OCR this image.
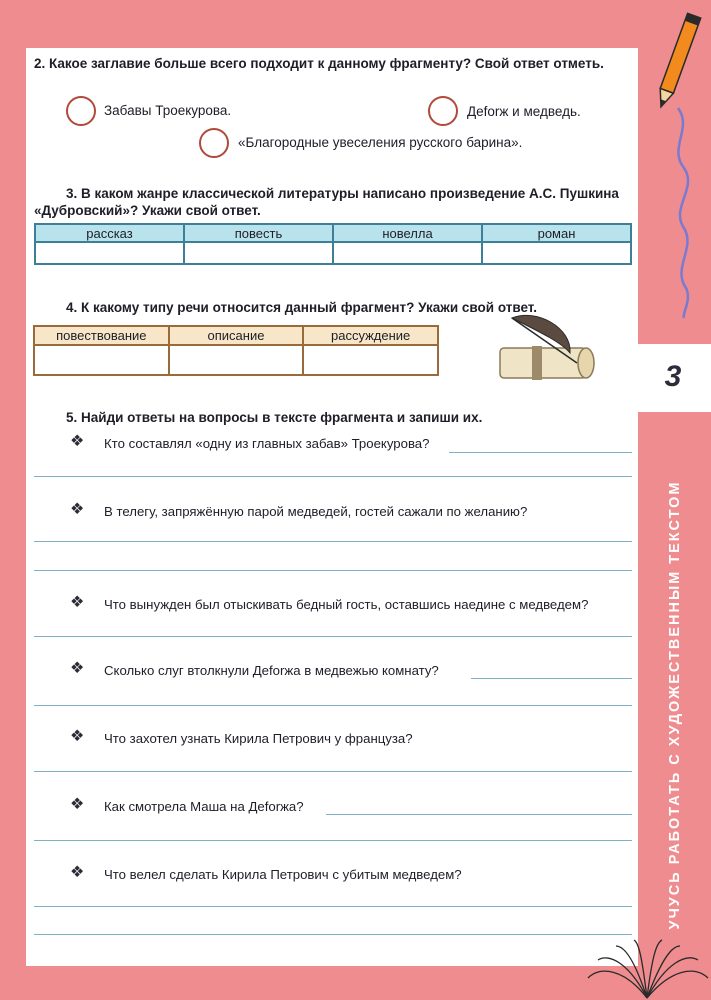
3
УЧУСЬ РАБОТАТЬ С ХУДОЖЕСТВЕННЫМ ТЕКСТОМ
2. Какое заглавие больше всего подходит к данному фрагменту? Свой ответ отметь.
Забавы Троекурова.	Деforж и медведь.
«Благородные увеселения русского барина».
3. В каком жанре классической литературы написано произведение А.С. Пушкина
«Дубровский»? Укажи свой ответ.
рассказ	повесть	новелла	роман

4. К какому типу речи относится данный фрагмент? Укажи свой ответ.
повествование	описание	рассуждение

5. Найди ответы на вопросы в тексте фрагмента и запиши их.
❖ Кто составлял «одну из главных забав» Троекурова?
❖ В телегу, запряжённую парой медведей, гостей сажали по желанию?
❖ Что вынужден был отыскивать бедный гость, оставшись наедине с медведем?
❖ Сколько слуг втолкнули Деforжа в медвежью комнату?
❖ Что захотел узнать Кирила Петрович у француза?
❖ Как смотрела Маша на Деforжа?
❖ Что велел сделать Кирила Петрович с убитым медведем?
